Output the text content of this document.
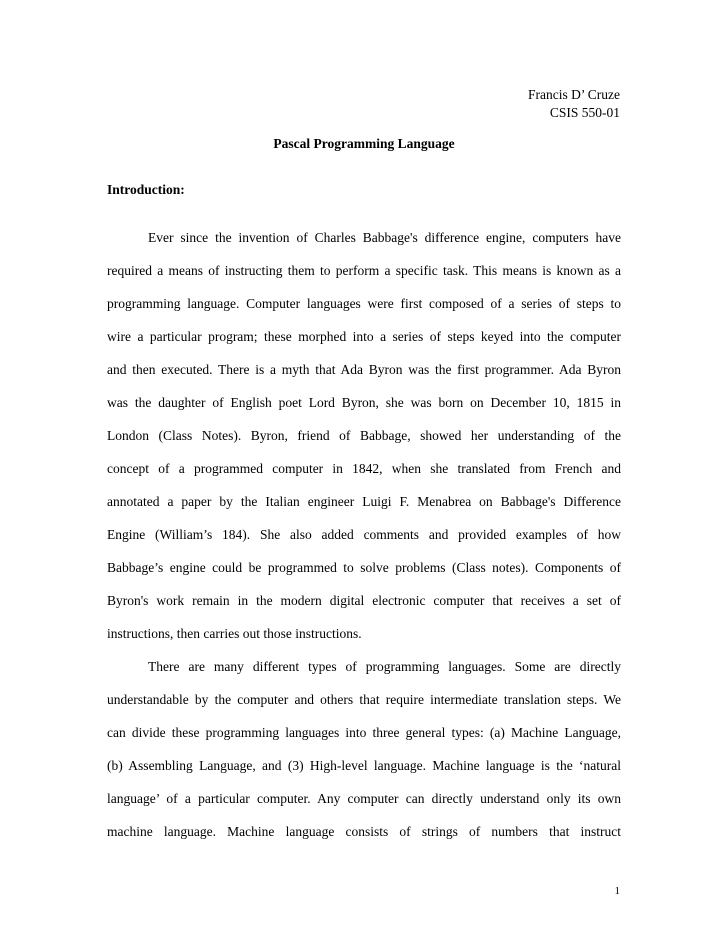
Francis D’ Cruze
CSIS 550-01
Pascal Programming Language
Introduction:
Ever since the invention of Charles Babbage's difference engine, computers have
required a means of instructing them to perform a specific task. This means is known as a
programming language. Computer languages were first composed of a series of steps to
wire a particular program; these morphed into a series of steps keyed into the computer
and then executed. There is a myth that Ada Byron was the first programmer. Ada Byron
was the daughter of English poet Lord Byron, she was born on December 10, 1815 in
London (Class Notes). Byron, friend of Babbage, showed her understanding of the
concept of a programmed computer in 1842, when she translated from French and
annotated a paper by the Italian engineer Luigi F. Menabrea on Babbage's Difference
Engine (William’s 184). She also added comments and provided examples of how
Babbage’s engine could be programmed to solve problems (Class notes). Components of
Byron's work remain in the modern digital electronic computer that receives a set of
instructions, then carries out those instructions.
There are many different types of programming languages. Some are directly
understandable by the computer and others that require intermediate translation steps. We
can divide these programming languages into three general types: (a) Machine Language,
(b) Assembling Language, and (3) High-level language. Machine language is the ‘natural
language’ of a particular computer. Any computer can directly understand only its own
machine language. Machine language consists of strings of numbers that instruct
1
